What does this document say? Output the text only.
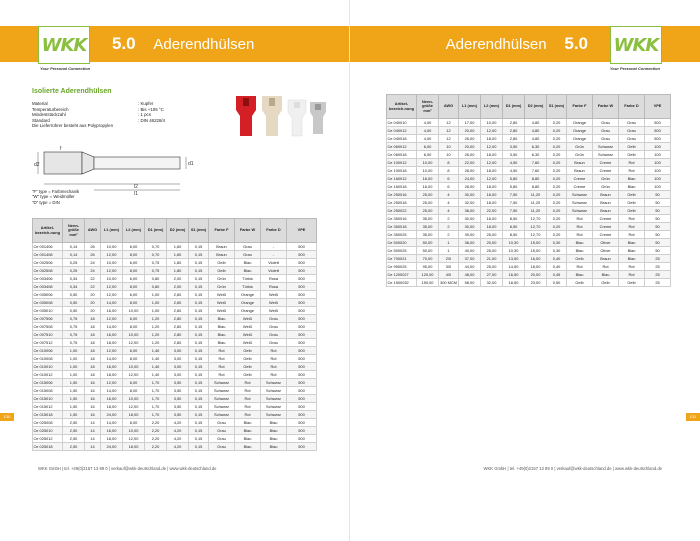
5.0 Aderendhülsen
WKK
Your Personal Connection
Isolierte Aderendhülsen
Material	: Kupfer
Temperaturbereich	: Bis +105 °C
Mindeststückzahl	: 1 pcs
Standard	: DIN 46228/4
Die Lieferrührer besteht aus Polypropylen
d2	d1
f
l2
l1
"F" type = Farbmechanik
"W" type = Weidmüller
"D" type = DIN
Artikel-bezeich-nung	Nenn-größe mm²	AWG	L1 (mm)	L2 (mm)	D1 (mm)	D2 (mm)	S1 (mm)	Farbe F	Farbe W	Farbe D	VPE
Ce 001406	0,14	26	10,00	6,00	0,70	1,60	0,15	Braun	Grau	-	500
Ce 001408	0,14	26	12,00	8,00	0,70	1,60	0,15	Braun	Grau	-	500
Ce 002506	0,25	24	10,00	6,00	0,75	1,80	0,15	Gelb	Blau	Violett	500
Ce 002508	0,25	24	12,00	8,00	0,75	1,80	0,15	Gelb	Blau	Violett	500
Ce 003406	0,34	22	10,00	6,00	0,80	2,00	0,15	Grün	Türkis	Rosa	500
Ce 003408	0,34	22	12,00	8,00	0,80	2,00	0,15	Grün	Türkis	Rosa	500
Ce 005006	0,50	20	12,00	6,00	1,00	2,60	0,15	Weiß	Orange	Weiß	500
Ce 005008	0,50	20	14,00	8,00	1,00	2,60	0,15	Weiß	Orange	Weiß	500
Ce 005010	0,50	20	16,00	10,00	1,00	2,60	0,15	Weiß	Orange	Weiß	500
Ce 007506	0,75	18	12,00	6,00	1,20	2,80	0,15	Blau	Weiß	Grau	500
Ce 007508	0,75	18	14,00	8,00	1,20	2,80	0,15	Blau	Weiß	Grau	500
Ce 007510	0,75	18	16,00	10,00	1,20	2,80	0,15	Blau	Weiß	Grau	500
Ce 007512	0,75	18	18,00	12,00	1,20	2,80	0,15	Blau	Weiß	Grau	500
Ce 010006	1,00	18	12,00	6,00	1,40	3,00	0,15	Rot	Gelb	Rot	500
Ce 010008	1,00	18	14,00	8,00	1,40	3,00	0,15	Rot	Gelb	Rot	500
Ce 010010	1,00	18	16,00	10,00	1,40	3,00	0,15	Rot	Gelb	Rot	500
Ce 010012	1,00	18	18,00	12,00	1,40	3,00	0,15	Rot	Gelb	Rot	500
Ce 015006	1,50	16	12,00	6,00	1,70	3,50	0,15	Schwarz	Rot	Schwarz	500
Ce 015008	1,50	16	14,00	8,00	1,70	3,50	0,15	Schwarz	Rot	Schwarz	500
Ce 015010	1,50	16	16,00	10,00	1,70	3,50	0,15	Schwarz	Rot	Schwarz	500
Ce 015012	1,50	16	18,00	12,00	1,70	3,50	0,15	Schwarz	Rot	Schwarz	500
Ce 015018	1,50	16	24,00	18,00	1,70	3,50	0,15	Schwarz	Rot	Schwarz	500
Ce 025008	2,50	14	14,00	8,00	2,20	4,20	0,15	Grau	Blau	Blau	500
Ce 025010	2,50	14	16,00	10,00	2,20	4,20	0,15	Grau	Blau	Blau	500
Ce 025012	2,50	14	18,00	12,00	2,20	4,20	0,15	Grau	Blau	Blau	500
Ce 025018	2,50	14	24,00	18,00	2,20	4,20	0,15	Grau	Blau	Blau	500
WKK GmbH | tel. +49(0)2157 13 89 0 | verkauf@wkk-deutschland.de | www.wkk-deutschland.de
130
Aderendhülsen 5.0 WKK
Your Personal Connection
Artikel-bezeich-nung	Nenn-größe mm²	AWG	L1 (mm)	L2 (mm)	D1 (mm)	D2 (mm)	S1 (mm)	Farbe F	Farbe W	Farbe D	VPE
Ce 040010	4,00	12	17,00	10,00	2,80	4,80	0,20	Orange	Grau	Grau	500
Ce 040012	4,00	12	20,00	12,00	2,80	4,80	0,20	Orange	Grau	Grau	500
Ce 040018	4,00	12	26,00	18,00	2,80	4,80	0,20	Orange	Grau	Grau	500
Ce 060012	6,00	10	20,00	12,00	3,50	6,30	0,20	Grün	Schwarz	Gelb	100
Ce 060018	6,00	10	26,00	18,00	3,50	6,30	0,20	Grün	Schwarz	Gelb	100
Ce 100012	10,00	8	22,00	12,00	4,50	7,60	0,20	Braun	Creme	Rot	100
Ce 100018	10,00	8	28,00	18,00	4,50	7,60	0,20	Braun	Creme	Rot	100
Ce 160012	16,00	6	24,00	12,00	5,80	8,80	0,20	Creme	Grün	Blau	100
Ce 160018	16,00	6	28,00	18,00	5,80	8,80	0,20	Creme	Grün	Blau	100
Ce 250016	25,00	4	30,00	16,00	7,50	11,20	0,20	Schwarz	Braun	Gelb	50
Ce 250018	25,00	4	32,00	18,00	7,50	11,20	0,20	Schwarz	Braun	Gelb	50
Ce 250022	25,00	4	36,00	22,00	7,50	11,20	0,20	Schwarz	Braun	Gelb	50
Ce 350016	35,00	2	30,00	16,00	8,50	12,70	0,20	Rot	Creme	Rot	50
Ce 350018	35,00	2	30,00	18,00	8,50	12,70	0,20	Rot	Creme	Rot	50
Ce 350025	35,00	2	39,00	25,00	8,50	12,70	0,20	Rot	Creme	Rot	50
Ce 500020	50,00	1	36,00	20,00	10,30	15,00	0,30	Blau	Oliver	Blau	50
Ce 500025	50,00	1	40,00	25,00	10,30	15,00	0,30	Blau	Oliver	Blau	50
Ce 700021	70,00	2/0	37,00	21,00	13,50	16,00	0,40	Gelb	Braun	Blau	25
Ce 950025	95,00	3/0	44,00	25,00	14,50	18,00	0,40	Rot	Rot	Rot	25
Ce 1200027	120,00	4/0	48,00	27,00	16,50	20,00	0,45	Blau	Blau	Rot	25
Ce 1500032	150,00	300 MCM	58,00	32,00	18,50	23,00	0,50	Gelb	Gelb	Gelb	25
WKK GmbH | tel. +49(0)2157 13 89 0 | verkauf@wkk-deutschland.de | www.wkk-deutschland.de
131
